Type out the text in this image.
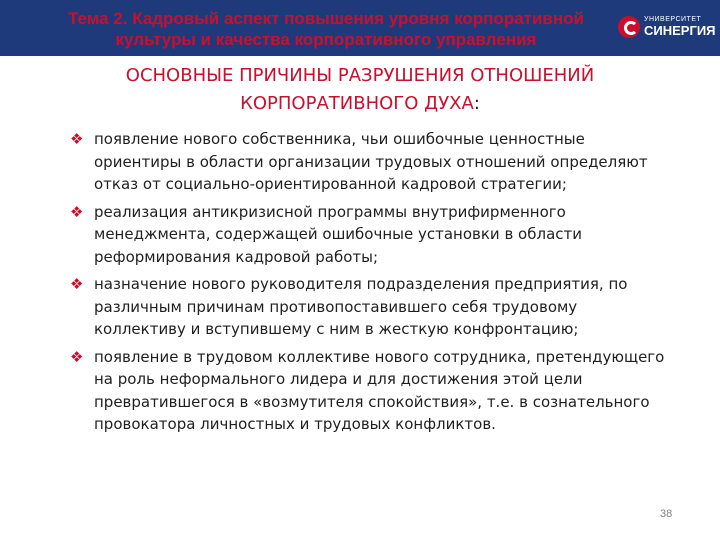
Тема 2. Кадровый аспект повышения уровня корпоративной
культуры и качества корпоративного управления
УНИВЕРСИТЕТ
СИНЕРГИЯ
ОСНОВНЫЕ ПРИЧИНЫ РАЗРУШЕНИЯ ОТНОШЕНИЙ
КОРПОРАТИВНОГО ДУХА:
❖ появление нового собственника, чьи ошибочные ценностные ориентиры в области организации трудовых отношений определяют отказ от социально-ориентированной кадровой стратегии;
❖ реализация антикризисной программы внутрифирменного менеджмента, содержащей ошибочные установки в области реформирования кадровой работы;
❖ назначение нового руководителя подразделения предприятия, по различным причинам противопоставившего себя трудовому коллективу и вступившему с ним в жесткую конфронтацию;
❖ появление в трудовом коллективе нового сотрудника, претендующего на роль неформального лидера и для достижения этой цели превратившегося в «возмутителя спокойствия», т.е. в сознательного провокатора личностных и трудовых конфликтов.
38
